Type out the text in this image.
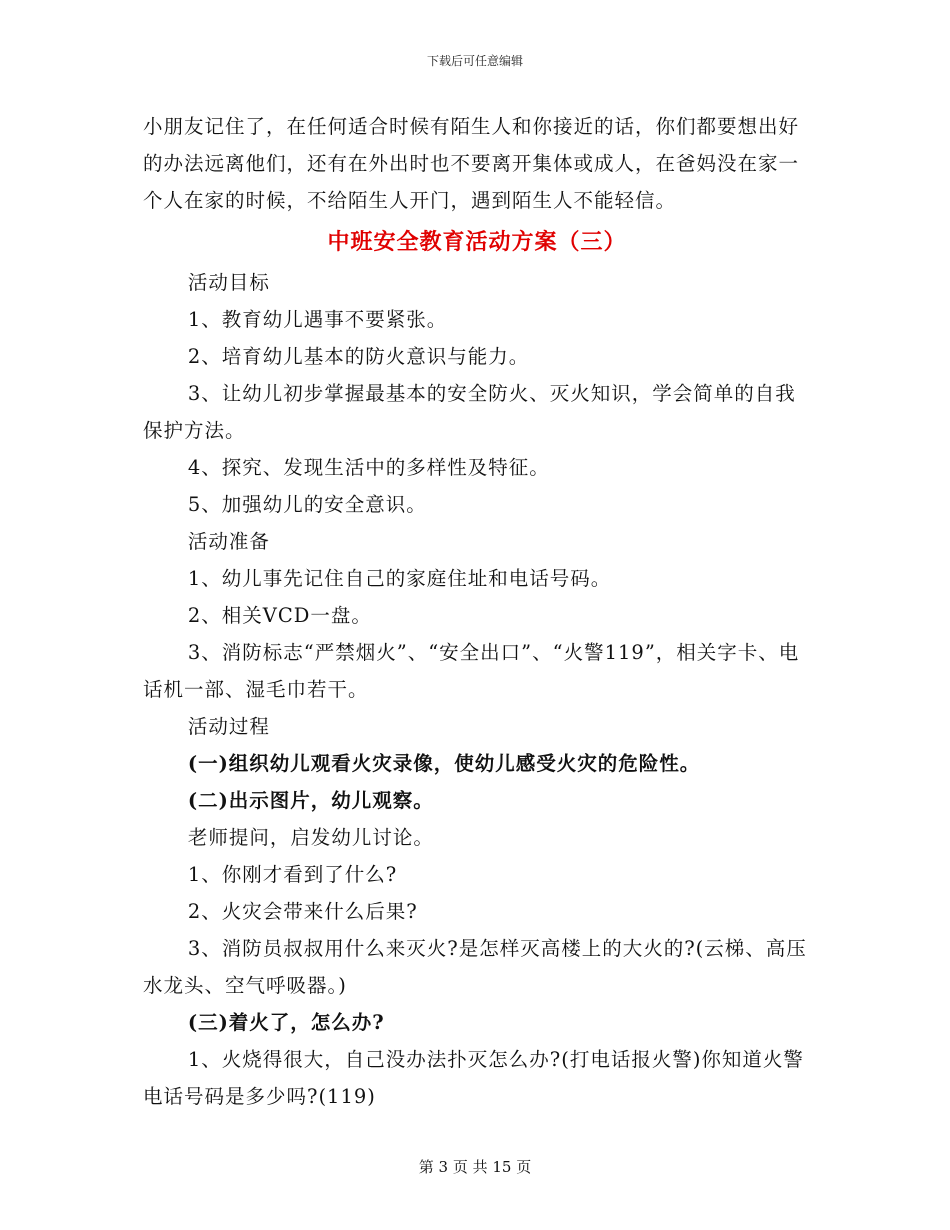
下载后可任意编辑

小朋友记住了，在任何适合时候有陌生人和你接近的话，你们都要想出好的办法远离他们，还有在外出时也不要离开集体或成人，在爸妈没在家一个人在家的时候，不给陌生人开门，遇到陌生人不能轻信。

中班安全教育活动方案（三）

活动目标

1、教育幼儿遇事不要紧张。

2、培育幼儿基本的防火意识与能力。

3、让幼儿初步掌握最基本的安全防火、灭火知识，学会简单的自我保护方法。

4、探究、发现生活中的多样性及特征。

5、加强幼儿的安全意识。

活动准备

1、幼儿事先记住自己的家庭住址和电话号码。

2、相关VCD一盘。

3、消防标志“严禁烟火”、“安全出口”、“火警119”，相关字卡、电话机一部、湿毛巾若干。

活动过程

(一)组织幼儿观看火灾录像，使幼儿感受火灾的危险性。

(二)出示图片，幼儿观察。

老师提问，启发幼儿讨论。

1、你刚才看到了什么?

2、火灾会带来什么后果?

3、消防员叔叔用什么来灭火?是怎样灭高楼上的大火的?(云梯、高压水龙头、空气呼吸器。)

(三)着火了，怎么办?

1、火烧得很大，自己没办法扑灭怎么办?(打电话报火警)你知道火警电话号码是多少吗?(119)

第 3 页 共 15 页
